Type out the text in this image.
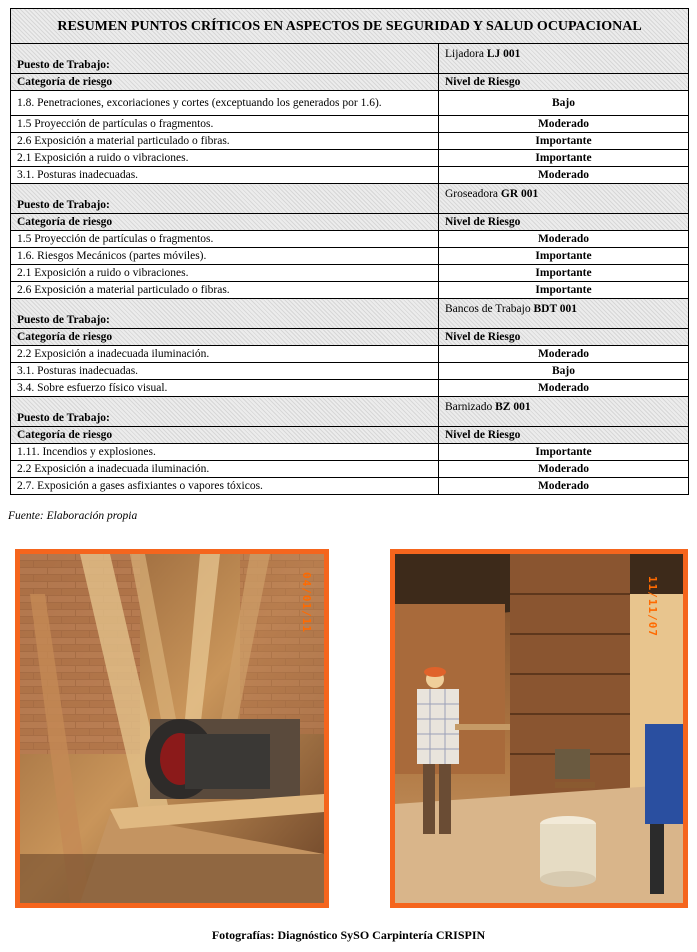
RESUMEN PUNTOS CRÍTICOS EN ASPECTOS DE SEGURIDAD Y SALUD OCUPACIONAL	
Puesto de Trabajo:	Lijadora LJ 001
Categoría de riesgo	Nivel de Riesgo
1.8. Penetraciones, excoriaciones y cortes (exceptuando los generados por 1.6).	Bajo
1.5 Proyección de partículas o fragmentos.	Moderado
2.6 Exposición a material particulado o fibras.	Importante
2.1 Exposición a ruido o vibraciones.	Importante
3.1. Posturas inadecuadas.	Moderado
Puesto de Trabajo:	Groseadora GR 001
Categoría de riesgo	Nivel de Riesgo
1.5 Proyección de partículas o fragmentos.	Moderado
1.6. Riesgos Mecánicos (partes móviles).	Importante
2.1 Exposición a ruido o vibraciones.	Importante
2.6 Exposición a material particulado o fibras.	Importante
Puesto de Trabajo:	Bancos de Trabajo BDT 001
Categoría de riesgo	Nivel de Riesgo
2.2 Exposición a inadecuada iluminación.	Moderado
3.1. Posturas inadecuadas.	Bajo
3.4. Sobre esfuerzo físico visual.	Moderado
Puesto de Trabajo:	Barnizado BZ 001
Categoría de riesgo	Nivel de Riesgo
1.11. Incendios y explosiones.	Importante
2.2 Exposición a inadecuada iluminación.	Moderado
2.7. Exposición a gases asfixiantes o vapores tóxicos.	Moderado
Fuente: Elaboración propia
04/01/11	11/11/07
Fotografías: Diagnóstico SySO Carpintería CRISPIN
